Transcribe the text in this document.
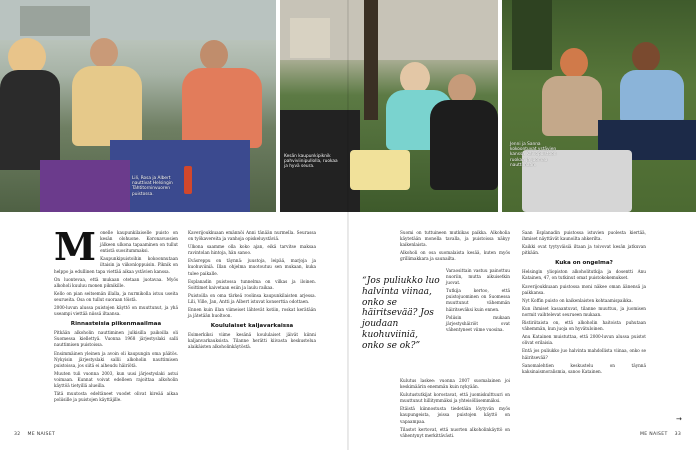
Lili, Rosa ja Albert nauttivat Helsingin Tähtitorninvuoren puistossa.
Kesän kaupunkipiknik pahviviinipullolla, ruokaa ja hyvä seura.
Jenni ja Sanna kokoontuvat ystävien kanssa Kaivopuistoon ruokaa ja juomaa nauttimaan.
M onelle kaupunkilaiselle puisto on kesän olohuone. Koronavuosien jälkeen ulkona tapaaminen on tullut entistä suositummaksi.

Kaupunkipuistoihin kokoonnutaan iltaisin ja viikonloppuisin. Piknik on helppo ja edullinen tapa viettää aikaa ystävien kanssa.

On luontevaa, että mukaan otetaan juotavaa. Myös alkoholi kuuluu monen piknikille.

Kello on pian seitsemän illalla, ja nurmikolla istuu useita seurueita. Osa on tullut suoraan töistä.

2000-luvun alussa puistojen käyttö on muuttunut, ja yhä useampi viettää niissä iltaansa.

Rinnasteisia piikenmaailmaa

Pitkään alkoholin nauttiminen julkisilla paikoilla oli Suomessa kiellettyä. Vuonna 1968 järjestyslaki salli nauttimisen puistoissa.

Ensimmäinen yleinen ja avoin oli kaupungin oma päätös. Nykyisin järjestyslaki sallii alkoholin nauttimisen puistoissa, jos siitä ei aiheudu häiriötä.

Muuten tuli vuonna 2003, kun uusi järjestyslaki astui voimaan. Kunnat voivat edelleen rajoittaa alkoholin käyttöä tietyillä alueilla.

Tätä muutosta edeltäneet vuodet olivat kireää aikaa poliisille ja puistojen käyttäjille.

Kaverijoukkuaan emännöi Anni tänään nurmella. Seurassa on työkavereita ja vanhoja opiskeluystäviä.

Ulkona saamme olla koko ajan, eikä tarvitse maksaa ravintolan hintoja, hän sanoo.

Eväsreppu on täynnä: juustoja, leipää, marjoja ja kuohuviiniä. Illan ohjelma muotoutuu sen mukaan, kuka tulee paikalle.

Esplanadin puistossa tunnelma on vilkas ja iloinen. Soittimet kaivetaan esiin ja laulu raikaa.

Puistoilla on oma tärkeä roolinsa kaupunkilaisten arjessa. Lili, Ville, Jan, Antti ja Albert istuvat konserttia odottaen.

Ennen kuin illan viimeiset lähtevät kotiin, roskat kerätään ja jätetään huoltoon.

Koululaiset kaljavarkaissa

Esimerkiksi viime kesänä koululaiset jäivät kiinni kaljanvarkauksista. Tilanne herätti kiivasta keskustelua alaikäisten alkoholinkäytöstä.

Suomi on tuttuineen mutkikas paikka. Alkoholia käytetään monella tavalla, ja puistoissa näkyy kaikenlaista.

Alkoholi on osa suomalaista kesää, kuten myös grillimakkara ja saunailta.

Varaosittain vastuu painottuu nuoriin, mutta aikuisetkin juovat.

Tutkija kertoo, että puistojuominen on Suomessa muuttunut vähemmän häiritseväksi kuin ennen.

Poliisin mukaan järjestyshäiriöt ovat vähentyneet viime vuosina.

“Jos puliukko luo halvinta viinaa, onko se häiritsevää? Jos joudaan kuohuviiniä, onko se ok?”

Kulutus laskee: vuonna 2007 suomalainen joi keskimäärin enemmän kuin nykyään.

Kulutustutkijat korostavat, että juomiskulttuuri on muuttunut hillitymmäksi ja yhteisöllisemmäksi.

Etäistä kiinnostusta tiedetään löytyvän myös kaupungeista, joissa puistojen käyttö on vapaampaa.

Tilastot kertovat, että nuorten alkoholinkäyttö on vähentynyt merkittävästi.

Saan Esplanadin puistossa istuvien puolesta kiertää, ihmiset näyttävät kaunoilta ahkerilta.

Kaikki ovat tyytyväisiä iltaan ja toivovat kesän jatkuvan pitkään.

Kuka on ongelma?

Helsingin yliopiston alkoholitutkija ja dosentti Anu Katainen, 47, on tutkinut omat puistokokemukset.

Kaverijoukkuaan puistossa moni näkee oman äänensä ja paikkansa.

Nyt Koffin puisto on kaikenlaisten kohtaamispaikka.

Kun ihmiset kasaantuvat, tilanne muuttuu, ja juomisen normit vaihtelevat seurueen mukaan.

Ristiriitaista on, että alkoholin haitoista puhutaan vähemmän, kun juoja on hyvätuloinen.

Anu Katainen muistuttaa, että 2000-luvun alussa puistot olivat erilaisia.

Entä jos puliukko juo halvinta mahdollista viinaa, onko se häiritsevää?

Sanomalehtien keskustelu on täynnä kaksinaismoralismia, sanoo Katainen.

→
32 ME NAISET	ME NAISET 33
